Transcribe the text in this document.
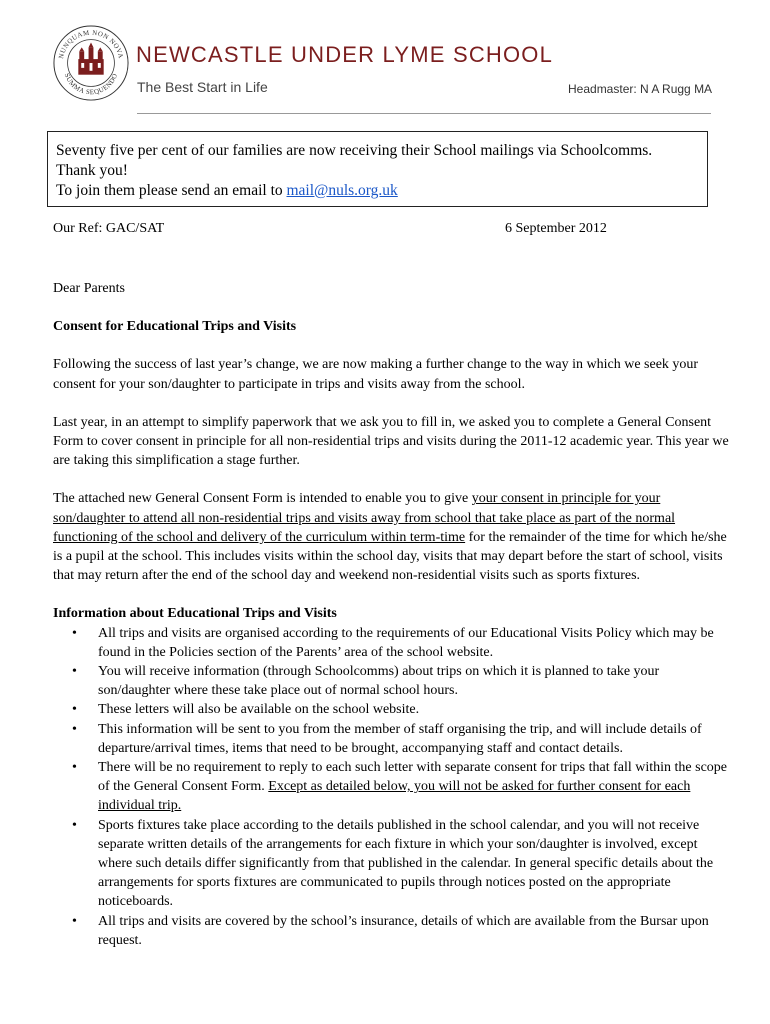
NUNQUAM NON NOVA
SUMMA SEQUENDO
NEWCASTLE UNDER LYME SCHOOL

The Best Start in Life	Headmaster: N A Rugg MA

Seventy five per cent of our families are now receiving their School mailings via Schoolcomms.

Thank you!

To join them please send an email to mail@nuls.org.uk

Our Ref: GAC/SAT	6 September 2012

Dear Parents

Consent for Educational Trips and Visits

Following the success of last year’s change, we are now making a further change to the way in which we seek your consent for your son/daughter to participate in trips and visits away from the school.

Last year, in an attempt to simplify paperwork that we ask you to fill in, we asked you to complete a General Consent Form to cover consent in principle for all non-residential trips and visits during the 2011-12 academic year. This year we are taking this simplification a stage further.

The attached new General Consent Form is intended to enable you to give your consent in principle for your son/daughter to attend all non-residential trips and visits away from school that take place as part of the normal functioning of the school and delivery of the curriculum within term-time for the remainder of the time for which he/she is a pupil at the school. This includes visits within the school day, visits that may depart before the start of school, visits that may return after the end of the school day and weekend non-residential visits such as sports fixtures.

Information about Educational Trips and Visits
• All trips and visits are organised according to the requirements of our Educational Visits Policy which may be found in the Policies section of the Parents’ area of the school website.
• You will receive information (through Schoolcomms) about trips on which it is planned to take your son/daughter where these take place out of normal school hours.
• These letters will also be available on the school website.
• This information will be sent to you from the member of staff organising the trip, and will include details of departure/arrival times, items that need to be brought, accompanying staff and contact details.
• There will be no requirement to reply to each such letter with separate consent for trips that fall within the scope of the General Consent Form. Except as detailed below, you will not be asked for further consent for each individual trip.
• Sports fixtures take place according to the details published in the school calendar, and you will not receive separate written details of the arrangements for each fixture in which your son/daughter is involved, except where such details differ significantly from that published in the calendar. In general specific details about the arrangements for sports fixtures are communicated to pupils through notices posted on the appropriate noticeboards.
• All trips and visits are covered by the school’s insurance, details of which are available from the Bursar upon request.
